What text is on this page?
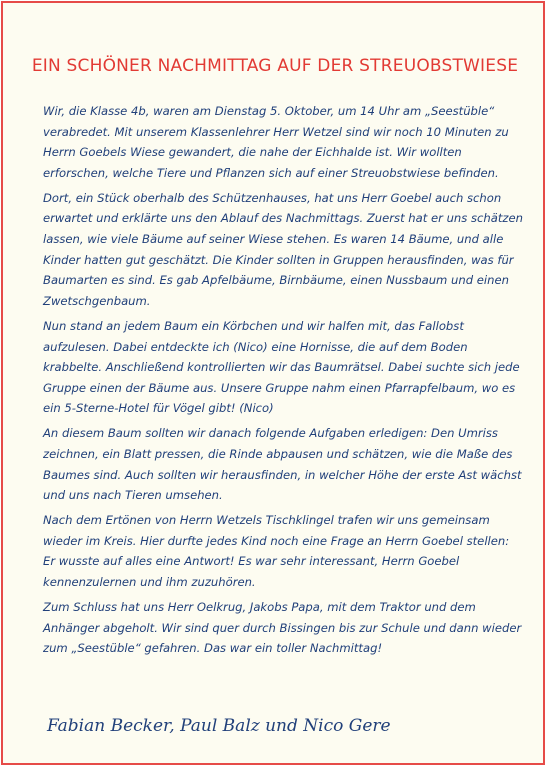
EIN SCHÖNER NACHMITTAG AUF DER STREUOBSTWIESE

Wir, die Klasse 4b, waren am Dienstag 5. Oktober, um 14 Uhr am „Seestüble“ verabredet. Mit unserem Klassenlehrer Herr Wetzel sind wir noch 10 Minuten zu Herrn Goebels Wiese gewandert, die nahe der Eichhalde ist. Wir wollten erforschen, welche Tiere und Pflanzen sich auf einer Streuobstwiese befinden.

Dort, ein Stück oberhalb des Schützenhauses, hat uns Herr Goebel auch schon erwartet und erklärte uns den Ablauf des Nachmittags. Zuerst hat er uns schätzen lassen, wie viele Bäume auf seiner Wiese stehen. Es waren 14 Bäume, und alle Kinder hatten gut geschätzt. Die Kinder sollten in Gruppen herausfinden, was für Baumarten es sind. Es gab Apfelbäume, Birnbäume, einen Nussbaum und einen Zwetschgenbaum.

Nun stand an jedem Baum ein Körbchen und wir halfen mit, das Fallobst aufzulesen. Dabei entdeckte ich (Nico) eine Hornisse, die auf dem Boden krabbelte. Anschließend kontrollierten wir das Baumrätsel. Dabei suchte sich jede Gruppe einen der Bäume aus. Unsere Gruppe nahm einen Pfarrapfelbaum, wo es ein 5-Sterne-Hotel für Vögel gibt! (Nico)

An diesem Baum sollten wir danach folgende Aufgaben erledigen: Den Umriss zeichnen, ein Blatt pressen, die Rinde abpausen und schätzen, wie die Maße des Baumes sind. Auch sollten wir herausfinden, in welcher Höhe der erste Ast wächst und uns nach Tieren umsehen.

Nach dem Ertönen von Herrn Wetzels Tischklingel trafen wir uns gemeinsam wieder im Kreis. Hier durfte jedes Kind noch eine Frage an Herrn Goebel stellen: Er wusste auf alles eine Antwort! Es war sehr interessant, Herrn Goebel kennenzulernen und ihm zuzuhören.

Zum Schluss hat uns Herr Oelkrug, Jakobs Papa, mit dem Traktor und dem Anhänger abgeholt. Wir sind quer durch Bissingen bis zur Schule und dann wieder zum „Seestüble“ gefahren. Das war ein toller Nachmittag!

Fabian Becker, Paul Balz und Nico Gere
